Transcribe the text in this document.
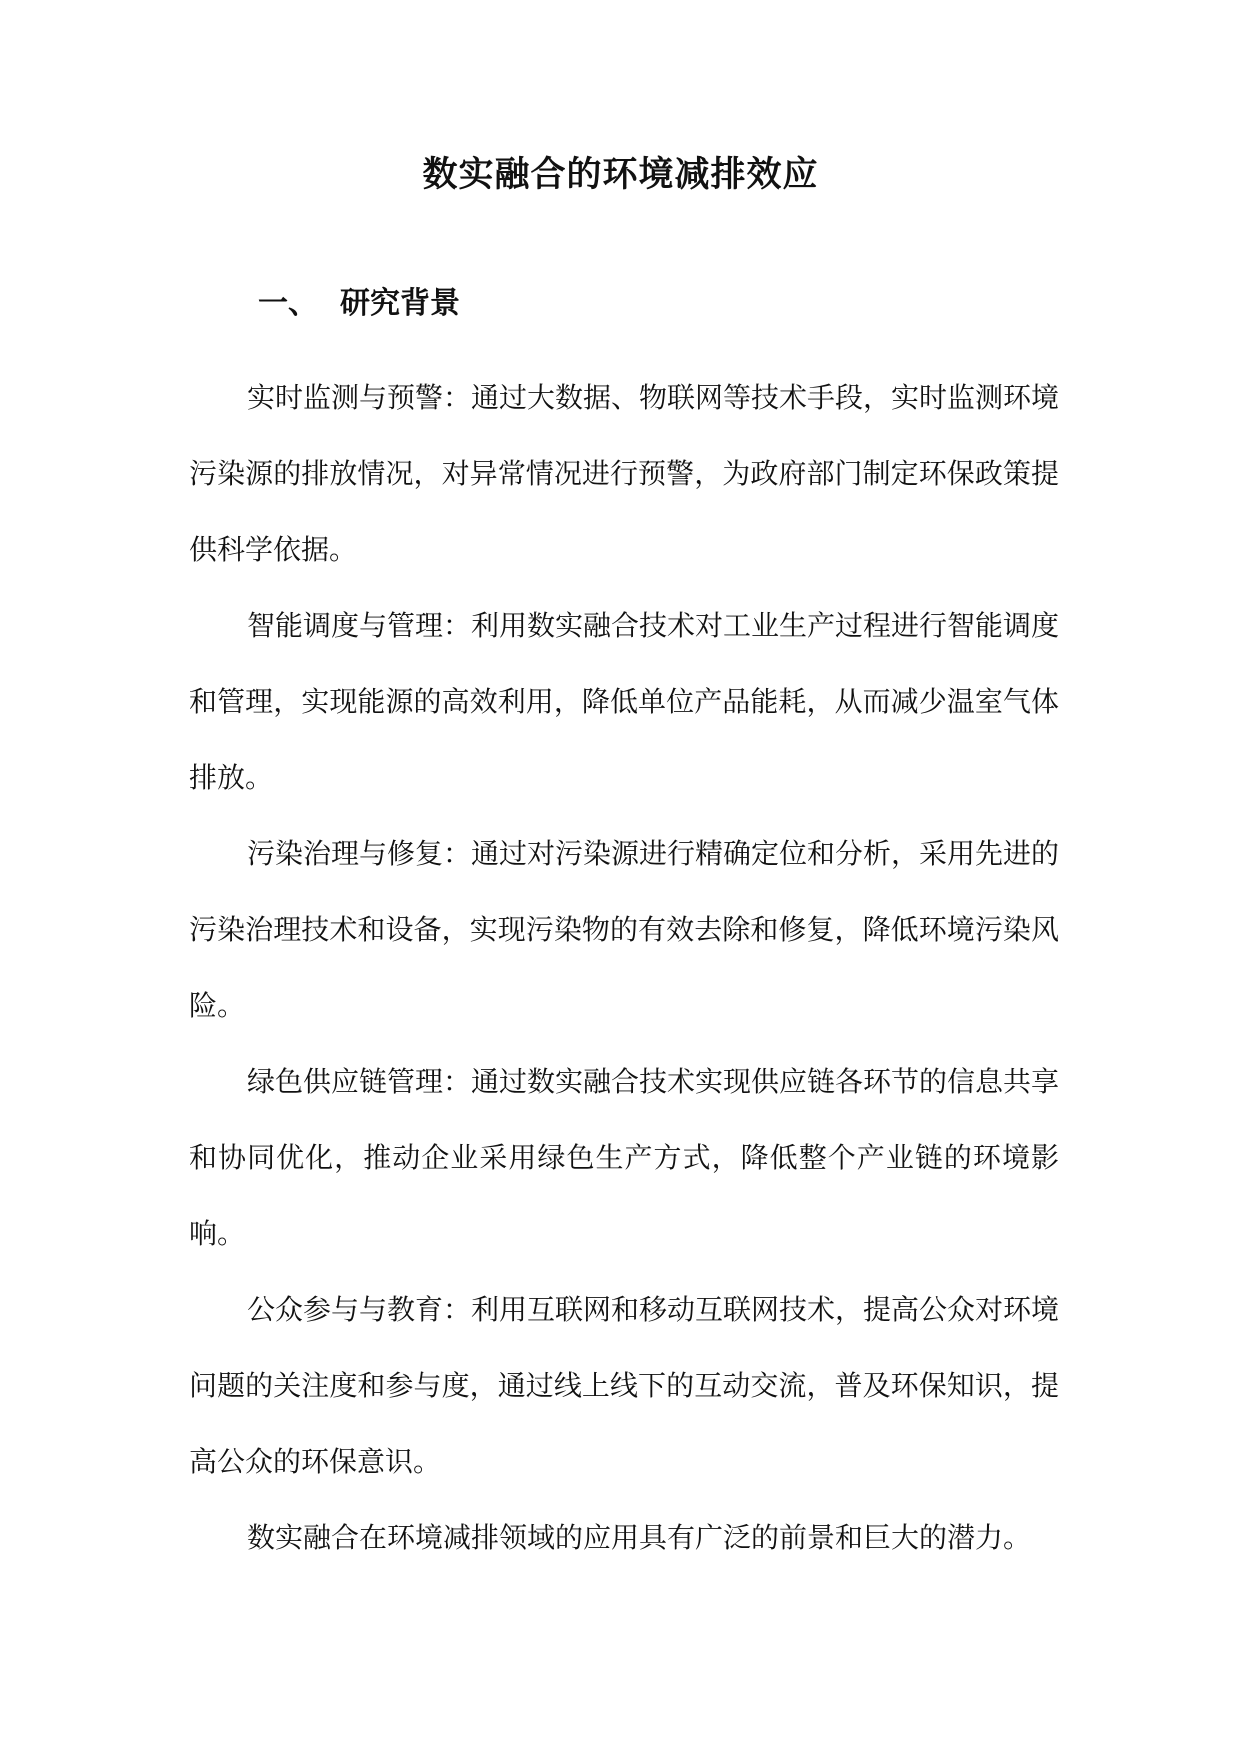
数实融合的环境减排效应
一、 研究背景

实时监测与预警：通过大数据、物联网等技术手段，实时监测环境污染源的排放情况，对异常情况进行预警，为政府部门制定环保政策提供科学依据。

智能调度与管理：利用数实融合技术对工业生产过程进行智能调度和管理，实现能源的高效利用，降低单位产品能耗，从而减少温室气体排放。

污染治理与修复：通过对污染源进行精确定位和分析，采用先进的污染治理技术和设备，实现污染物的有效去除和修复，降低环境污染风险。

绿色供应链管理：通过数实融合技术实现供应链各环节的信息共享和协同优化，推动企业采用绿色生产方式，降低整个产业链的环境影响。

公众参与与教育：利用互联网和移动互联网技术，提高公众对环境问题的关注度和参与度，通过线上线下的互动交流，普及环保知识，提高公众的环保意识。

数实融合在环境减排领域的应用具有广泛的前景和巨大的潜力。
